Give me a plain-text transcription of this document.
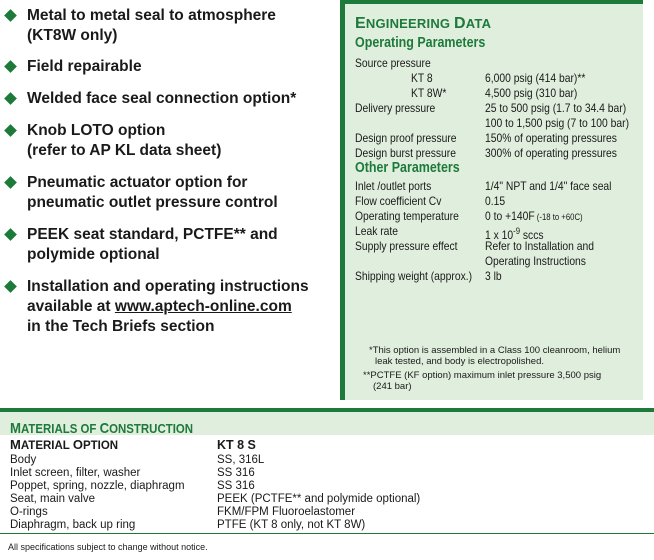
Metal to metal seal to atmosphere
(KT8W only)
Field repairable
Welded face seal connection option*
Knob LOTO option
(refer to AP KL data sheet)
Pneumatic actuator option for
pneumatic outlet pressure control
PEEK seat standard, PCTFE** and
polymide optional
Installation and operating instructions
available at www.aptech-online.com
in the Tech Briefs section
ENGINEERING DATA
Operating Parameters
Source pressure
KT 8	6,000 psig (414 bar)**
KT 8W*	4,500 psig (310 bar)
Delivery pressure	25 to 500 psig (1.7 to 34.4 bar)
100 to 1,500 psig (7 to 100 bar)
Design proof pressure 150% of operating pressures
Design burst pressure 300% of operating pressures
Other Parameters
Inlet /outlet ports	1/4" NPT and 1/4" face seal
Flow coefficient Cv	0.15
Operating temperature 0 to +140F (-18 to +60C)
Leak rate	1 x $10^{-9}$ sccs
Supply pressure effect Refer to Installation and
Operating Instructions
Shipping weight (approx.) 3 lb
*This option is assembled in a Class 100 cleanroom, helium
leak tested, and body is electropolished.
**PCTFE (KF option) maximum inlet pressure 3,500 psig
(241 bar)
MATERIALS OF CONSTRUCTION
MATERIAL OPTION	KT 8 S
Body	SS, 316L
Inlet screen, filter, washer	SS 316
Poppet, spring, nozzle, diaphragm	SS 316
Seat, main valve	PEEK (PCTFE** and polymide optional)
O-rings	FKM/FPM Fluoroelastomer
Diaphragm, back up ring	PTFE (KT 8 only, not KT 8W)
All specifications subject to change without notice.
